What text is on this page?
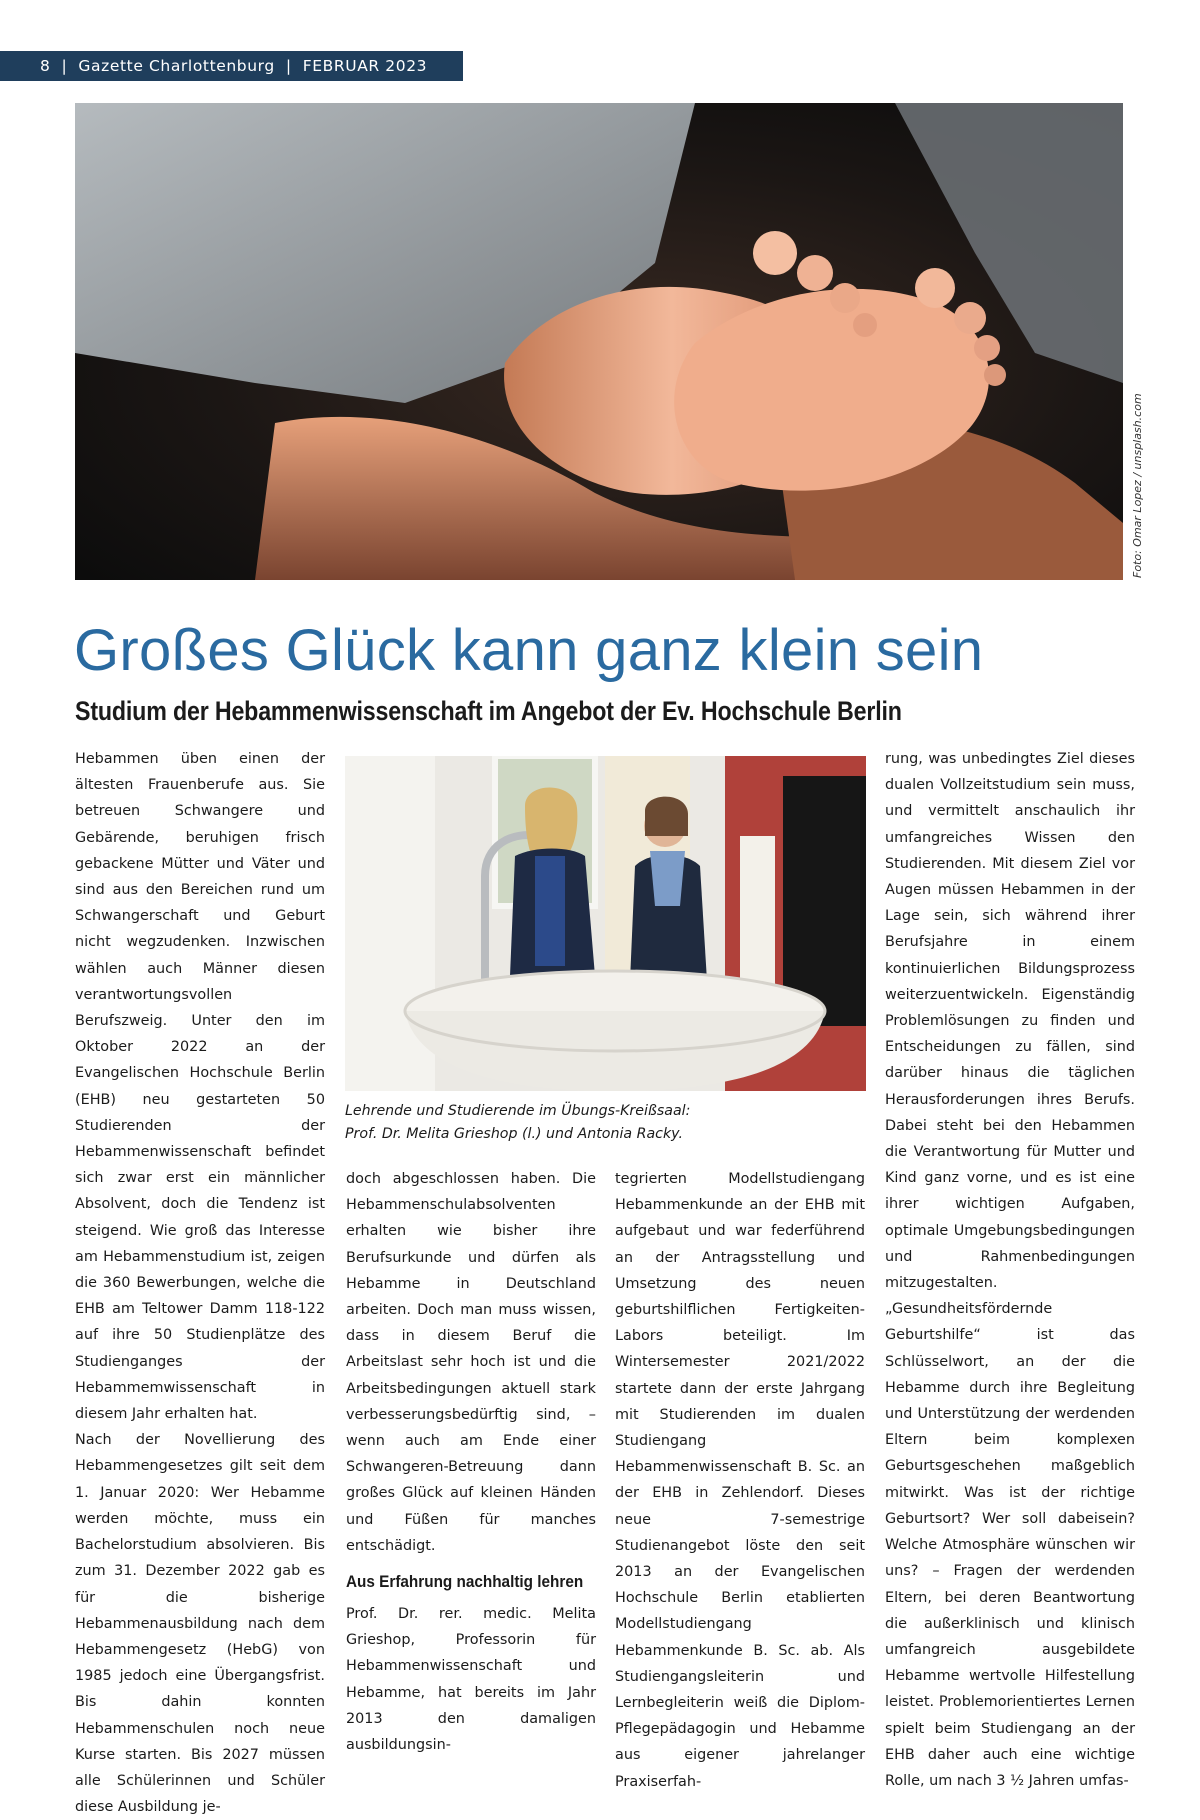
8  |  Gazette Charlottenburg  |  FEBRUAR 2023
Foto: Omar Lopez / unsplash.com
Großes Glück kann ganz klein sein
Studium der Hebammenwissenschaft im Angebot der Ev. Hochschule Berlin

Hebammen üben einen der ältesten Frauenberufe aus. Sie betreuen Schwangere und Gebärende, beruhigen frisch gebackene Mütter und Väter und sind aus den Bereichen rund um Schwangerschaft und Geburt nicht wegzudenken. Inzwischen wählen auch Männer diesen verantwortungsvollen Berufszweig. Unter den im Oktober 2022 an der Evangelischen Hochschule Berlin (EHB) neu gestarteten 50 Studierenden der Hebammenwissenschaft befindet sich zwar erst ein männlicher Absolvent, doch die Tendenz ist steigend. Wie groß das Interesse am Hebammenstudium ist, zeigen die 360 Bewerbungen, welche die EHB am Teltower Damm 118-122 auf ihre 50 Studienplätze des Studienganges der Hebammemwissenschaft in diesem Jahr erhalten hat.

Nach der Novellierung des Hebammengesetzes gilt seit dem 1. Januar 2020: Wer Hebamme werden möchte, muss ein Bachelorstudium absolvieren. Bis zum 31. Dezember 2022 gab es für die bisherige Hebammenausbildung nach dem Hebammengesetz (HebG) von 1985 jedoch eine Übergangsfrist. Bis dahin konnten Hebammenschulen noch neue Kurse starten. Bis 2027 müssen alle Schülerinnen und Schüler diese Ausbildung je-

Lehrende und Studierende im Übungs-Kreißsaal:
Prof. Dr. Melita Grieshop (l.) und Antonia Racky.

doch abgeschlossen haben. Die Hebammenschulabsolventen erhalten wie bisher ihre Berufsurkunde und dürfen als Hebamme in Deutschland arbeiten. Doch man muss wissen, dass in diesem Beruf die Arbeitslast sehr hoch ist und die Arbeitsbedingungen aktuell stark verbesserungsbedürftig sind, – wenn auch am Ende einer Schwangeren-Betreuung dann großes Glück auf kleinen Händen und Füßen für manches entschädigt.

Aus Erfahrung nachhaltig lehren

Prof. Dr. rer. medic. Melita Grieshop, Professorin für Hebammenwissenschaft und Hebamme, hat bereits im Jahr 2013 den damaligen ausbildungsin-

tegrierten Modellstudiengang Hebammenkunde an der EHB mit aufgebaut und war federführend an der Antragsstellung und Umsetzung des neuen geburtshilflichen Fertigkeiten-Labors beteiligt. Im Wintersemester 2021/2022 startete dann der erste Jahrgang mit Studierenden im dualen Studiengang Hebammenwissenschaft B. Sc. an der EHB in Zehlendorf. Dieses neue 7-semestrige Studienangebot löste den seit 2013 an der Evangelischen Hochschule Berlin etablierten Modellstudiengang Hebammenkunde B. Sc. ab. Als Studiengangsleiterin und Lernbegleiterin weiß die Diplom-Pflegepädagogin und Hebamme aus eigener jahrelanger Praxiserfah-

rung, was unbedingtes Ziel dieses dualen Vollzeitstudium sein muss, und vermittelt anschaulich ihr umfangreiches Wissen den Studierenden. Mit diesem Ziel vor Augen müssen Hebammen in der Lage sein, sich während ihrer Berufsjahre in einem kontinuierlichen Bildungsprozess weiterzuentwickeln. Eigenständig Problemlösungen zu finden und Entscheidungen zu fällen, sind darüber hinaus die täglichen Herausforderungen ihres Berufs. Dabei steht bei den Hebammen die Verantwortung für Mutter und Kind ganz vorne, und es ist eine ihrer wichtigen Aufgaben, optimale Umgebungsbedingungen und Rahmenbedingungen mitzugestalten. „Gesundheitsfördernde Geburtshilfe“ ist das Schlüsselwort, an der die Hebamme durch ihre Begleitung und Unterstützung der werdenden Eltern beim komplexen Geburtsgeschehen maßgeblich mitwirkt. Was ist der richtige Geburtsort? Wer soll dabeisein? Welche Atmosphäre wünschen wir uns? – Fragen der werdenden Eltern, bei deren Beantwortung die außerklinisch und klinisch umfangreich ausgebildete Hebamme wertvolle Hilfestellung leistet. Problemorientiertes Lernen spielt beim Studiengang an der EHB daher auch eine wichtige Rolle, um nach 3 ½ Jahren umfas-
